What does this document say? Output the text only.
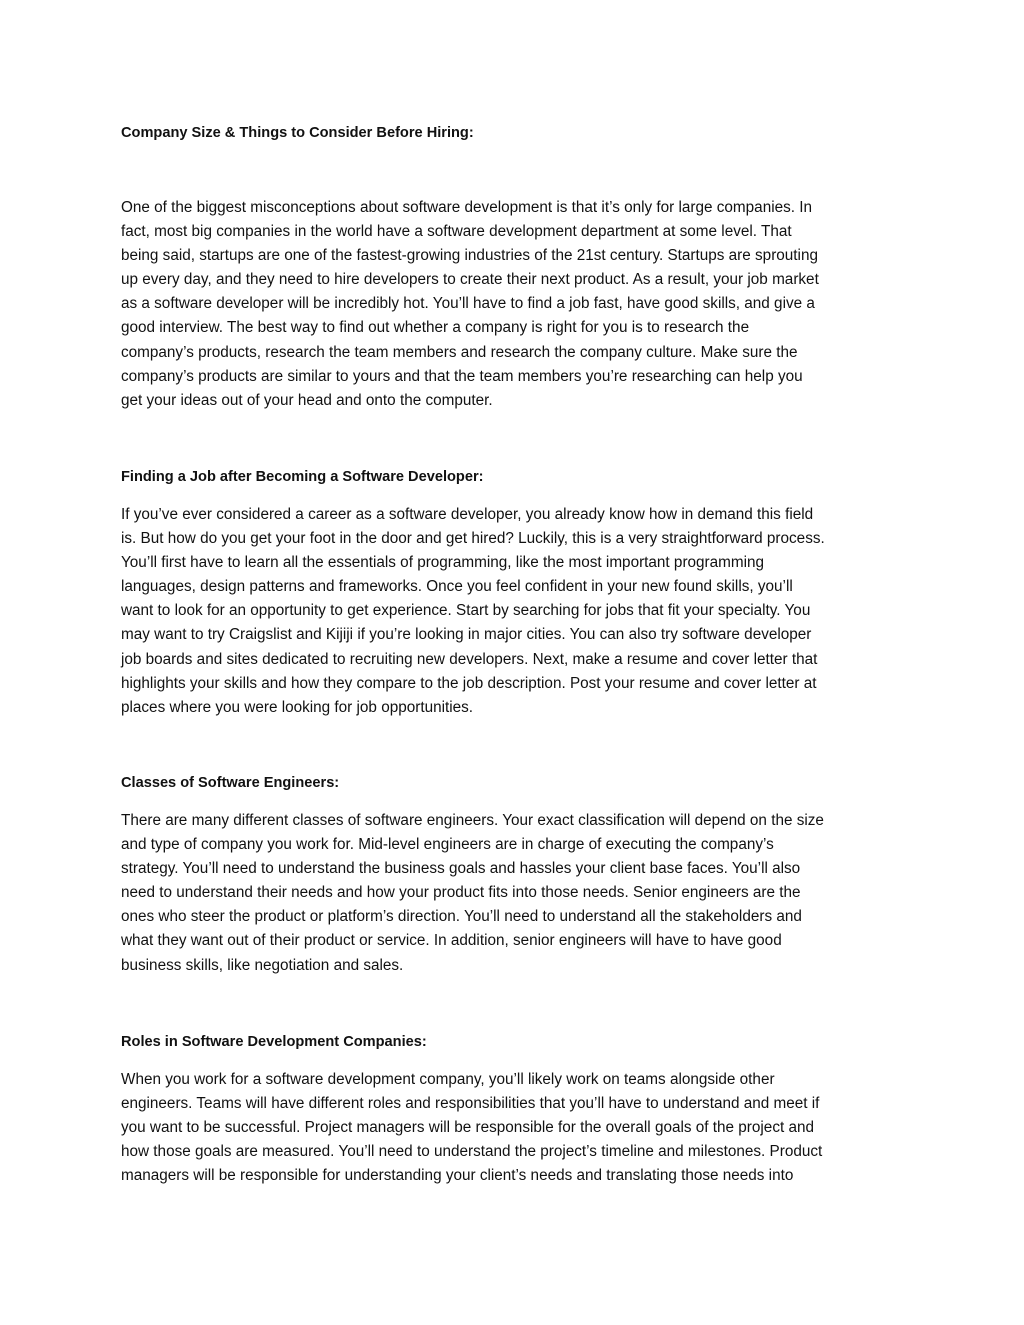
Company Size & Things to Consider Before Hiring:
One of the biggest misconceptions about software development is that it’s only for large companies. In
fact, most big companies in the world have a software development department at some level. That
being said, startups are one of the fastest-growing industries of the 21st century. Startups are sprouting
up every day, and they need to hire developers to create their next product. As a result, your job market
as a software developer will be incredibly hot. You’ll have to find a job fast, have good skills, and give a
good interview. The best way to find out whether a company is right for you is to research the
company’s products, research the team members and research the company culture. Make sure the
company’s products are similar to yours and that the team members you’re researching can help you
get your ideas out of your head and onto the computer.
Finding a Job after Becoming a Software Developer:
If you’ve ever considered a career as a software developer, you already know how in demand this field
is. But how do you get your foot in the door and get hired? Luckily, this is a very straightforward process.
You’ll first have to learn all the essentials of programming, like the most important programming
languages, design patterns and frameworks. Once you feel confident in your new found skills, you’ll
want to look for an opportunity to get experience. Start by searching for jobs that fit your specialty. You
may want to try Craigslist and Kijiji if you’re looking in major cities. You can also try software developer
job boards and sites dedicated to recruiting new developers. Next, make a resume and cover letter that
highlights your skills and how they compare to the job description. Post your resume and cover letter at
places where you were looking for job opportunities.
Classes of Software Engineers:
There are many different classes of software engineers. Your exact classification will depend on the size
and type of company you work for. Mid-level engineers are in charge of executing the company’s
strategy. You’ll need to understand the business goals and hassles your client base faces. You’ll also
need to understand their needs and how your product fits into those needs. Senior engineers are the
ones who steer the product or platform’s direction. You’ll need to understand all the stakeholders and
what they want out of their product or service. In addition, senior engineers will have to have good
business skills, like negotiation and sales.
Roles in Software Development Companies:
When you work for a software development company, you’ll likely work on teams alongside other
engineers. Teams will have different roles and responsibilities that you’ll have to understand and meet if
you want to be successful. Project managers will be responsible for the overall goals of the project and
how those goals are measured. You’ll need to understand the project’s timeline and milestones. Product
managers will be responsible for understanding your client’s needs and translating those needs into
